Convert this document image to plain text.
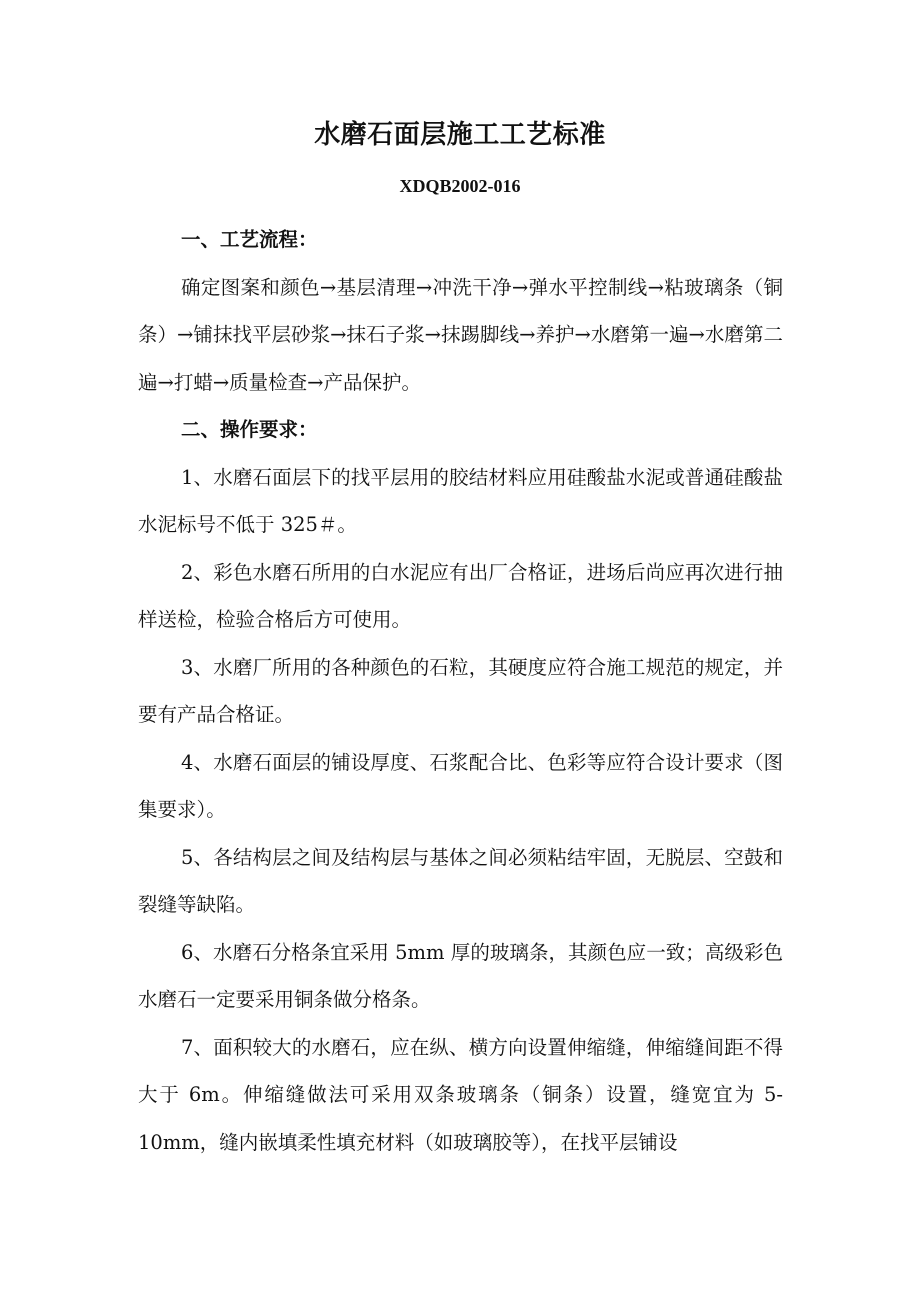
水磨石面层施工工艺标准
XDQB2002-016

一、工艺流程：

确定图案和颜色→基层清理→冲洗干净→弹水平控制线→粘玻璃条（铜条）→铺抹找平层砂浆→抹石子浆→抹踢脚线→养护→水磨第一遍→水磨第二遍→打蜡→质量检查→产品保护。

二、操作要求：

1、水磨石面层下的找平层用的胶结材料应用硅酸盐水泥或普通硅酸盐水泥标号不低于 325＃。

2、彩色水磨石所用的白水泥应有出厂合格证，进场后尚应再次进行抽样送检，检验合格后方可使用。

3、水磨厂所用的各种颜色的石粒，其硬度应符合施工规范的规定，并要有产品合格证。

4、水磨石面层的铺设厚度、石浆配合比、色彩等应符合设计要求（图集要求）。

5、各结构层之间及结构层与基体之间必须粘结牢固，无脱层、空鼓和裂缝等缺陷。

6、水磨石分格条宜采用 5mm 厚的玻璃条，其颜色应一致；高级彩色水磨石一定要采用铜条做分格条。

7、面积较大的水磨石，应在纵、横方向设置伸缩缝，伸缩缝间距不得大于 6m。伸缩缝做法可采用双条玻璃条（铜条）设置，缝宽宜为 5-10mm，缝内嵌填柔性填充材料（如玻璃胶等），在找平层铺设
